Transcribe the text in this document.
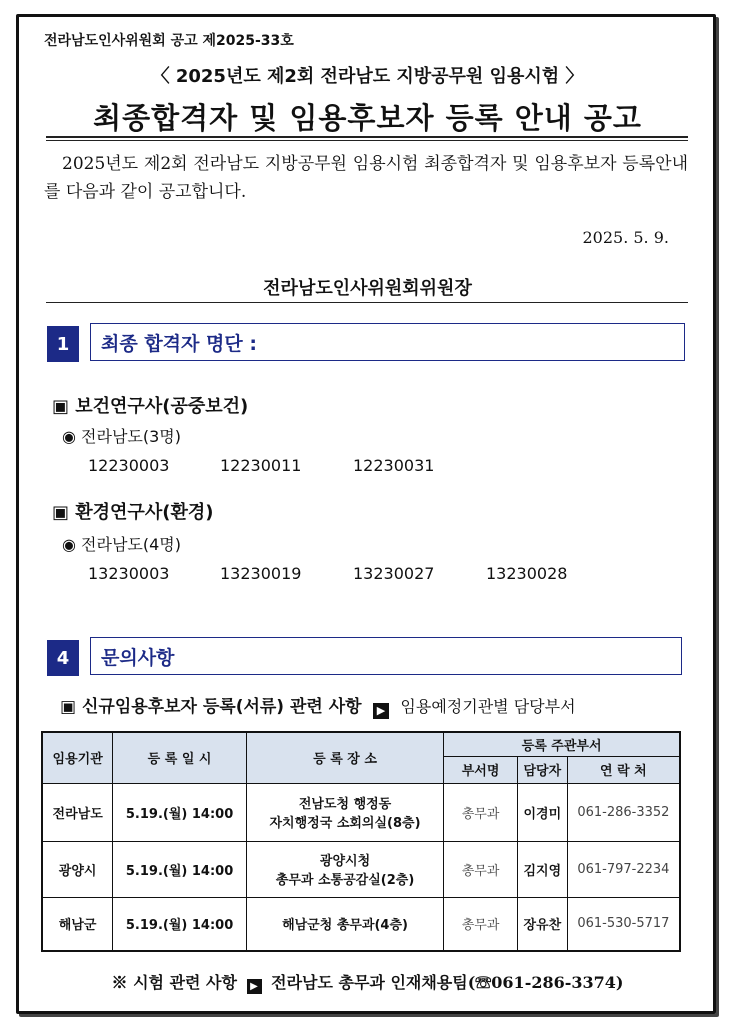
전라남도인사위원회 공고 제2025-33호
〈 2025년도 제2회 전라남도 지방공무원 임용시험 〉
최종합격자 및 임용후보자 등록 안내 공고
2025년도 제2회 전라남도 지방공무원 임용시험 최종합격자 및 임용후보자 등록안내를 다음과 같이 공고합니다.
2025. 5. 9.
전라남도인사위원회위원장
1	최종 합격자 명단 :
▣ 보건연구사(공중보건)
◉ 전라남도(3명)
12230003	12230011	12230031
▣ 환경연구사(환경)
◉ 전라남도(4명)
13230003	13230019	13230027	13230028
4	문의사항
▣ 신규임용후보자 등록(서류) 관련 사항 ▶ 임용예정기관별 담당부서
임용기관	등 록 일 시	등 록 장 소	등록 주관부서		
			부서명	담당자	연 락 처
전라남도	5.19.(월) 14:00	전남도청 행정동
자치행정국 소회의실(8층)	총무과	이경미	061-286-3352
광양시	5.19.(월) 14:00	광양시청
총무과 소통공감실(2층)	총무과	김지영	061-797-2234
해남군	5.19.(월) 14:00	해남군청 총무과(4층)	총무과	장유찬	061-530-5717
※ 시험 관련 사항 ▶ 전라남도 총무과 인재채용팀(☏061-286-3374)
